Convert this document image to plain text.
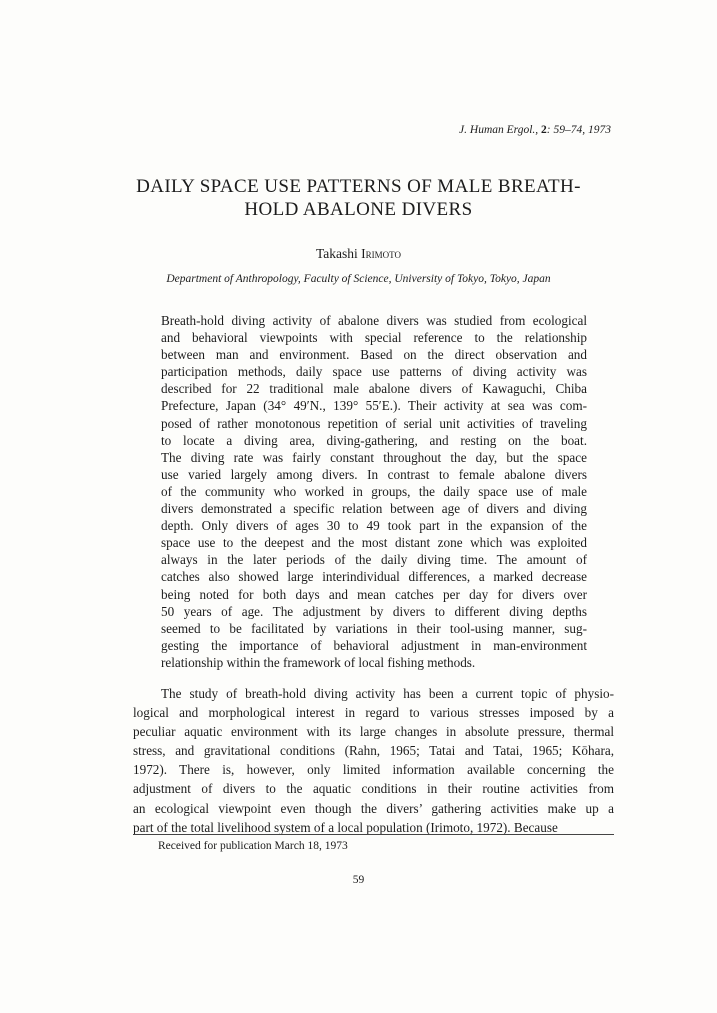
J. Human Ergol., 2: 59–74, 1973
DAILY SPACE USE PATTERNS OF MALE BREATH-
HOLD ABALONE DIVERS
Takashi Irimoto
Department of Anthropology, Faculty of Science, University of Tokyo, Tokyo, Japan
Breath-hold diving activity of abalone divers was studied from ecological
and behavioral viewpoints with special reference to the relationship
between man and environment. Based on the direct observation and
participation methods, daily space use patterns of diving activity was
described for 22 traditional male abalone divers of Kawaguchi, Chiba
Prefecture, Japan (34° 49′N., 139° 55′E.). Their activity at sea was com-
posed of rather monotonous repetition of serial unit activities of traveling
to locate a diving area, diving-gathering, and resting on the boat.
The diving rate was fairly constant throughout the day, but the space
use varied largely among divers. In contrast to female abalone divers
of the community who worked in groups, the daily space use of male
divers demonstrated a specific relation between age of divers and diving
depth. Only divers of ages 30 to 49 took part in the expansion of the
space use to the deepest and the most distant zone which was exploited
always in the later periods of the daily diving time. The amount of
catches also showed large interindividual differences, a marked decrease
being noted for both days and mean catches per day for divers over
50 years of age. The adjustment by divers to different diving depths
seemed to be facilitated by variations in their tool-using manner, sug-
gesting the importance of behavioral adjustment in man-environment
relationship within the framework of local fishing methods.
The study of breath-hold diving activity has been a current topic of physio-
logical and morphological interest in regard to various stresses imposed by a
peculiar aquatic environment with its large changes in absolute pressure, thermal
stress, and gravitational conditions (Rahn, 1965; Tatai and Tatai, 1965; Kōhara,
1972). There is, however, only limited information available concerning the
adjustment of divers to the aquatic conditions in their routine activities from
an ecological viewpoint even though the divers’ gathering activities make up a
part of the total livelihood system of a local population (Irimoto, 1972). Because
Received for publication March 18, 1973
59
